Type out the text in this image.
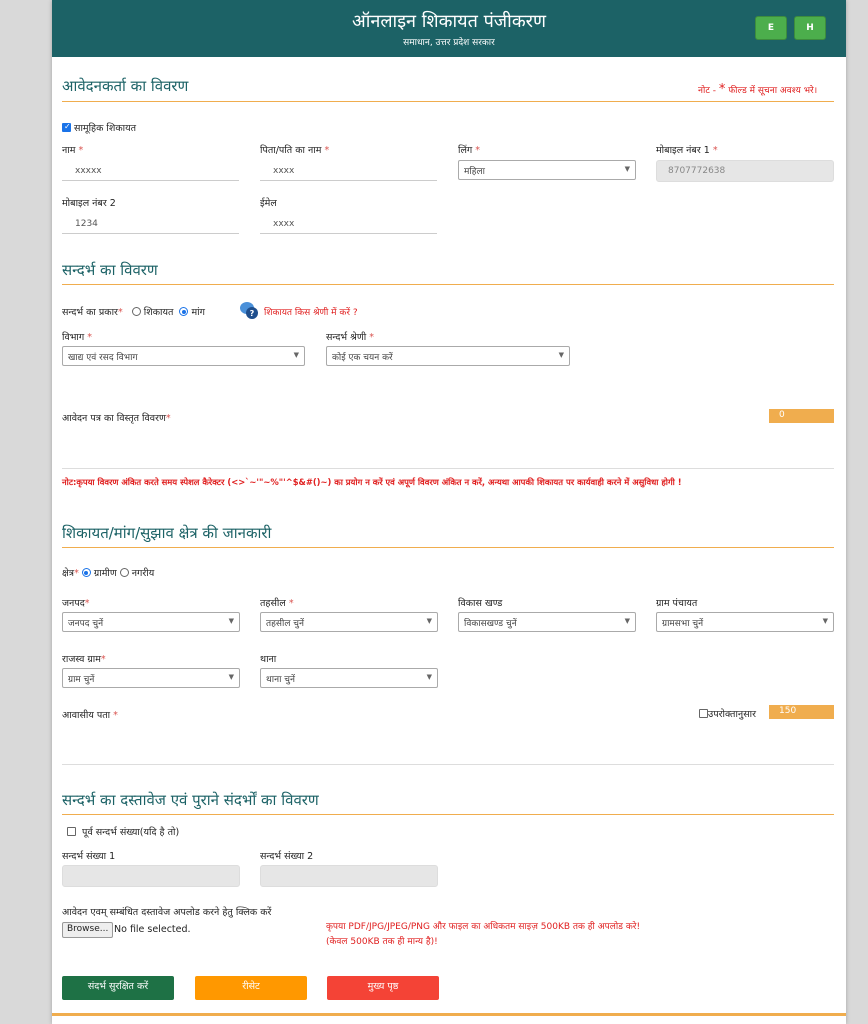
ऑनलाइन शिकायत पंजीकरण
समाधान, उत्तर प्रदेश सरकार
E	H
आवेदनकर्ता का विवरण	नोट - * फील्ड में सूचना अवश्य भरे।
✓ सामूहिक शिकायत
नाम *
xxxxx
पिता/पति का नाम *
xxxx
लिंग *
महिला	▼
मोबाइल नंबर 1 *
8707772638
मोबाइल नंबर 2
1234
ईमेल
xxxx
सन्दर्भ का विवरण
सन्दर्भ का प्रकार* शिकायत मांग	? शिकायत किस श्रेणी में करें ?
विभाग *
खाद्य एवं रसद विभाग	▼
सन्दर्भ श्रेणी *
कोई एक चयन करें	▼
आवेदन पत्र का विस्तृत विवरण*	0
नोट:कृपया विवरण अंकित करते समय स्पेशल कैरेक्टर (<>`~'"~%"'^$&#()~) का प्रयोग न करें एवं अपूर्ण विवरण अंकित न करें, अन्यथा आपकी शिकायत पर कार्यवाही करने में असुविधा होगी !
शिकायत/मांग/सुझाव क्षेत्र की जानकारी
क्षेत्र* ग्रामीण नगरीय
जनपद*
जनपद चुनें	▼
तहसील *
तहसील चुनें	▼
विकास खण्ड
विकासखण्ड चुनें	▼
ग्राम पंचायत
ग्रामसभा चुनें	▼
राजस्व ग्राम*
ग्राम चुनें	▼
थाना
थाना चुनें	▼
आवासीय पता *	उपरोक्तानुसार	150
सन्दर्भ का दस्तावेज एवं पुराने संदर्भों का विवरण
पूर्व सन्दर्भ संख्या(यदि है तो)
सन्दर्भ संख्या 1	सन्दर्भ संख्या 2
आवेदन एवम् सम्बंधित दस्तावेज अपलोड करने हेतु क्लिक करें
Browse... No file selected.	कृपया PDF/JPG/JPEG/PNG और फाइल का अधिकतम साइज़ 500KB तक ही अपलोड करे!
(केवल 500KB तक ही मान्य है)!
संदर्भ सुरक्षित करें	रीसेट	मुख्य पृष्ठ
